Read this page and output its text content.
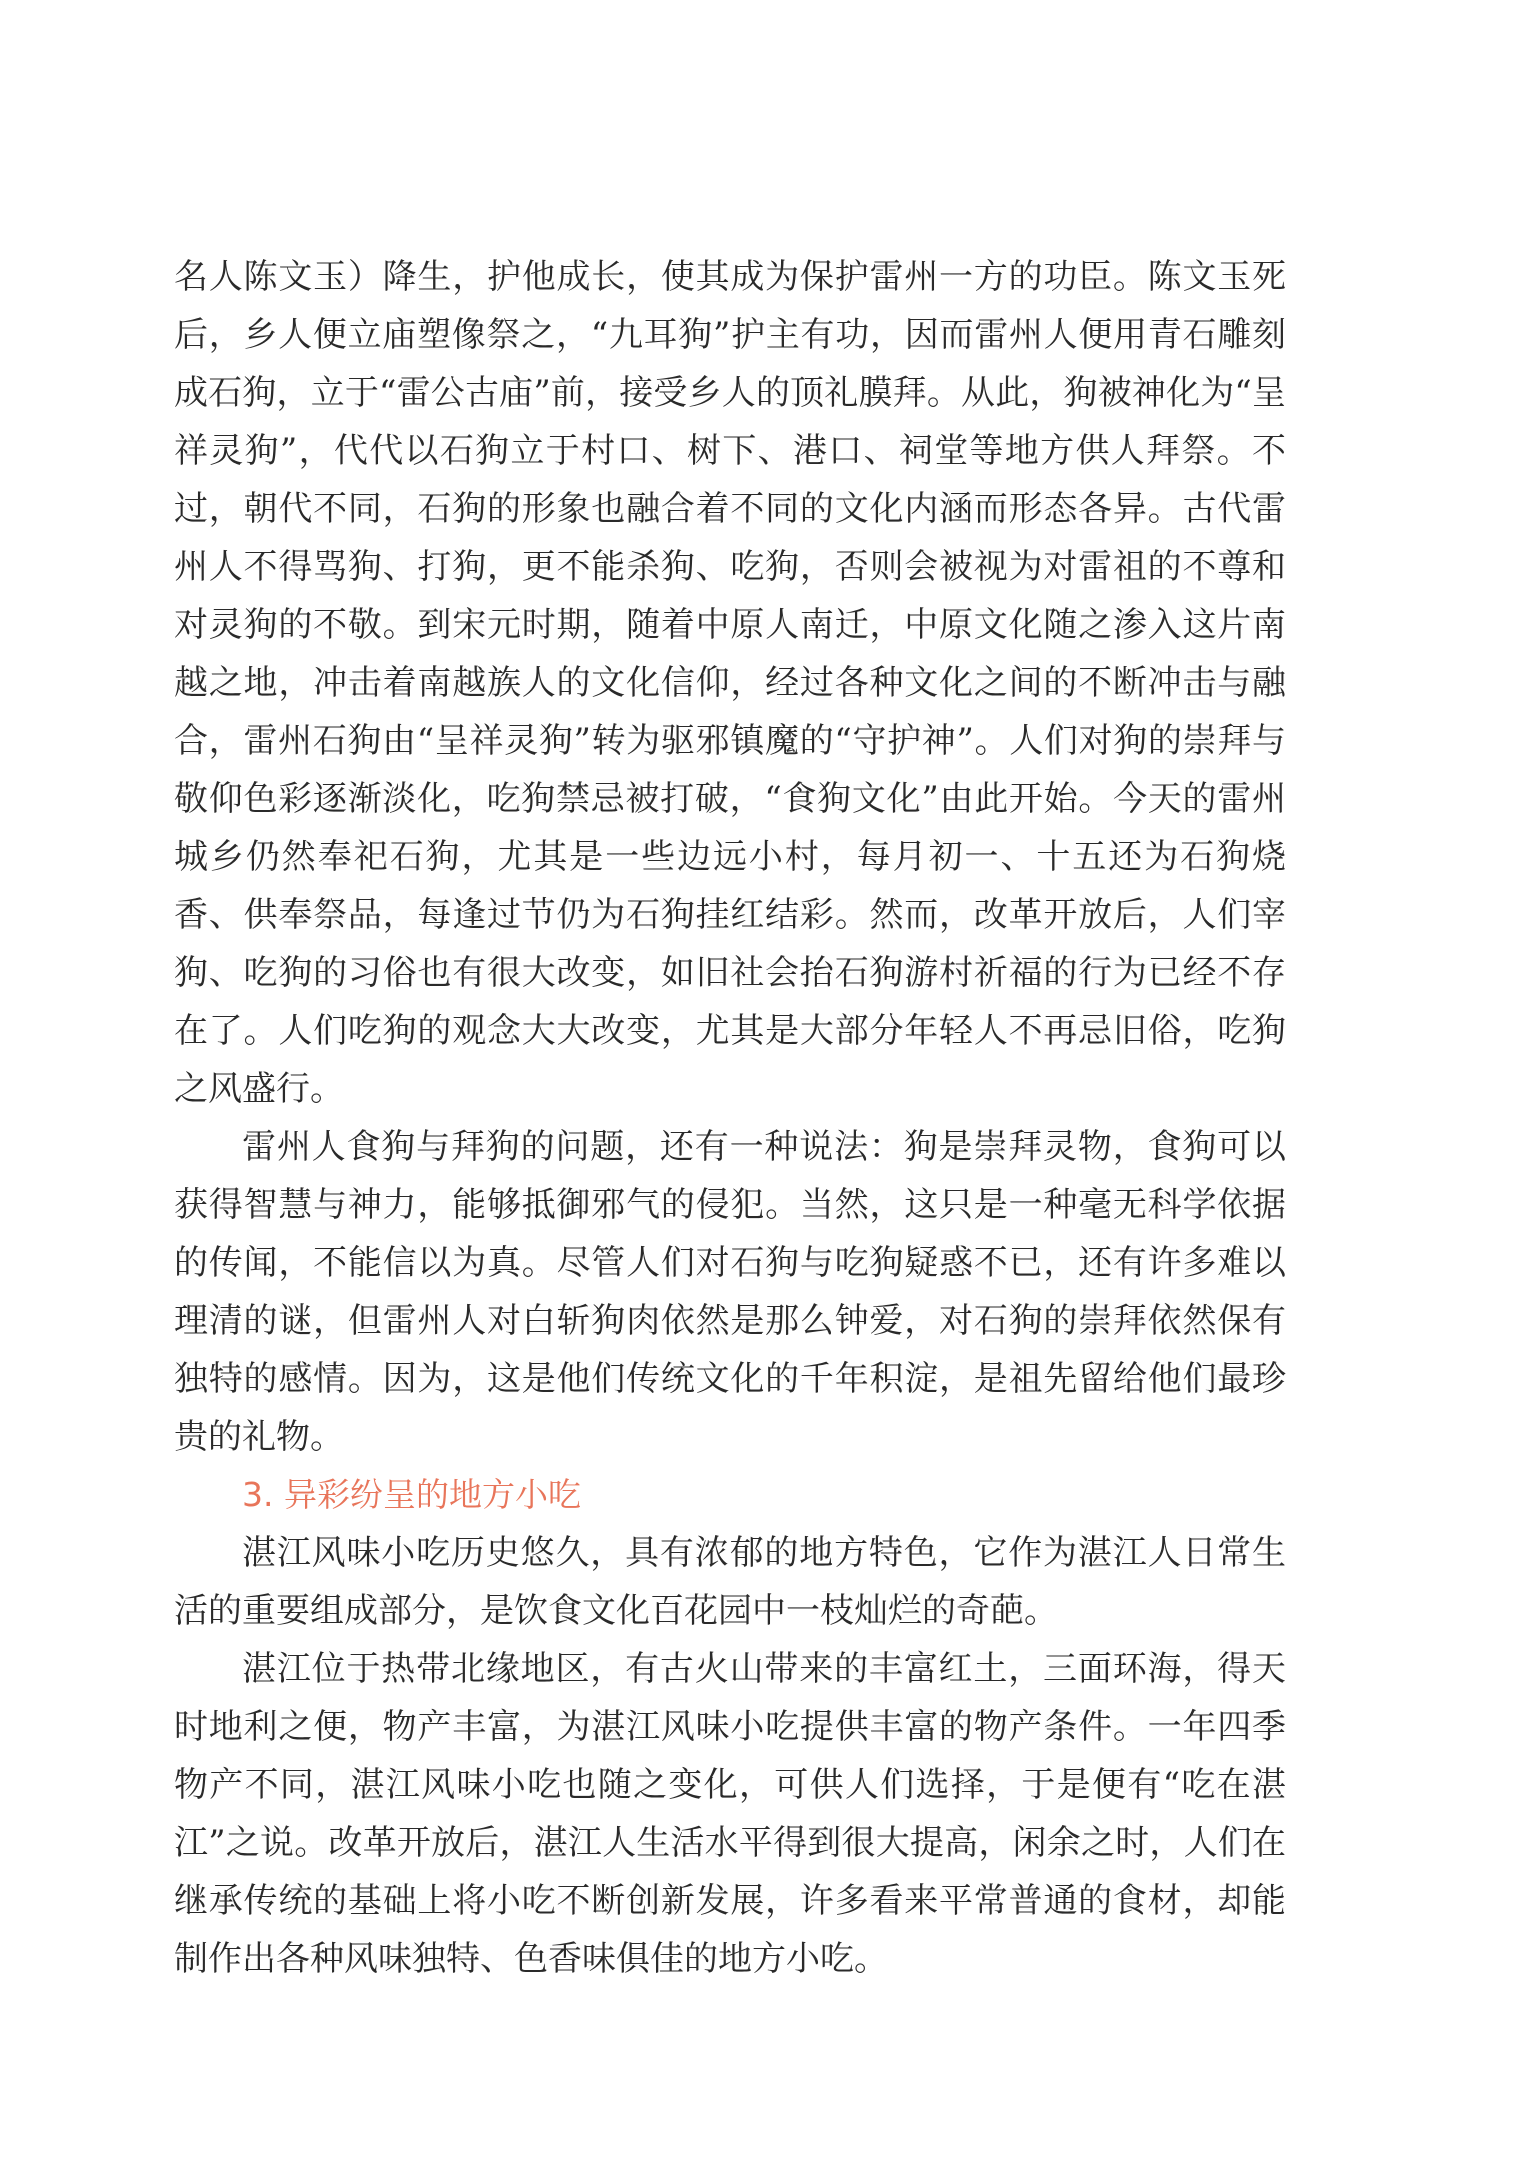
名人陈文玉）降生，护他成长，使其成为保护雷州一方的功臣。陈文玉死后，乡人便立庙塑像祭之，“九耳狗”护主有功，因而雷州人便用青石雕刻成石狗，立于“雷公古庙”前，接受乡人的顶礼膜拜。从此，狗被神化为“呈祥灵狗”，代代以石狗立于村口、树下、港口、祠堂等地方供人拜祭。不过，朝代不同，石狗的形象也融合着不同的文化内涵而形态各异。古代雷州人不得骂狗、打狗，更不能杀狗、吃狗，否则会被视为对雷祖的不尊和对灵狗的不敬。到宋元时期，随着中原人南迁，中原文化随之渗入这片南越之地，冲击着南越族人的文化信仰，经过各种文化之间的不断冲击与融合，雷州石狗由“呈祥灵狗”转为驱邪镇魔的“守护神”。人们对狗的崇拜与敬仰色彩逐渐淡化，吃狗禁忌被打破，“食狗文化”由此开始。今天的雷州城乡仍然奉祀石狗，尤其是一些边远小村，每月初一、十五还为石狗烧香、供奉祭品，每逢过节仍为石狗挂红结彩。然而，改革开放后，人们宰狗、吃狗的习俗也有很大改变，如旧社会抬石狗游村祈福的行为已经不存在了。人们吃狗的观念大大改变，尤其是大部分年轻人不再忌旧俗，吃狗之风盛行。

雷州人食狗与拜狗的问题，还有一种说法：狗是崇拜灵物，食狗可以获得智慧与神力，能够抵御邪气的侵犯。当然，这只是一种毫无科学依据的传闻，不能信以为真。尽管人们对石狗与吃狗疑惑不已，还有许多难以理清的谜，但雷州人对白斩狗肉依然是那么钟爱，对石狗的崇拜依然保有独特的感情。因为，这是他们传统文化的千年积淀，是祖先留给他们最珍贵的礼物。

3. 异彩纷呈的地方小吃

湛江风味小吃历史悠久，具有浓郁的地方特色，它作为湛江人日常生活的重要组成部分，是饮食文化百花园中一枝灿烂的奇葩。

湛江位于热带北缘地区，有古火山带来的丰富红土，三面环海，得天时地利之便，物产丰富，为湛江风味小吃提供丰富的物产条件。一年四季物产不同，湛江风味小吃也随之变化，可供人们选择，于是便有“吃在湛江”之说。改革开放后，湛江人生活水平得到很大提高，闲余之时，人们在继承传统的基础上将小吃不断创新发展，许多看来平常普通的食材，却能制作出各种风味独特、色香味俱佳的地方小吃。
